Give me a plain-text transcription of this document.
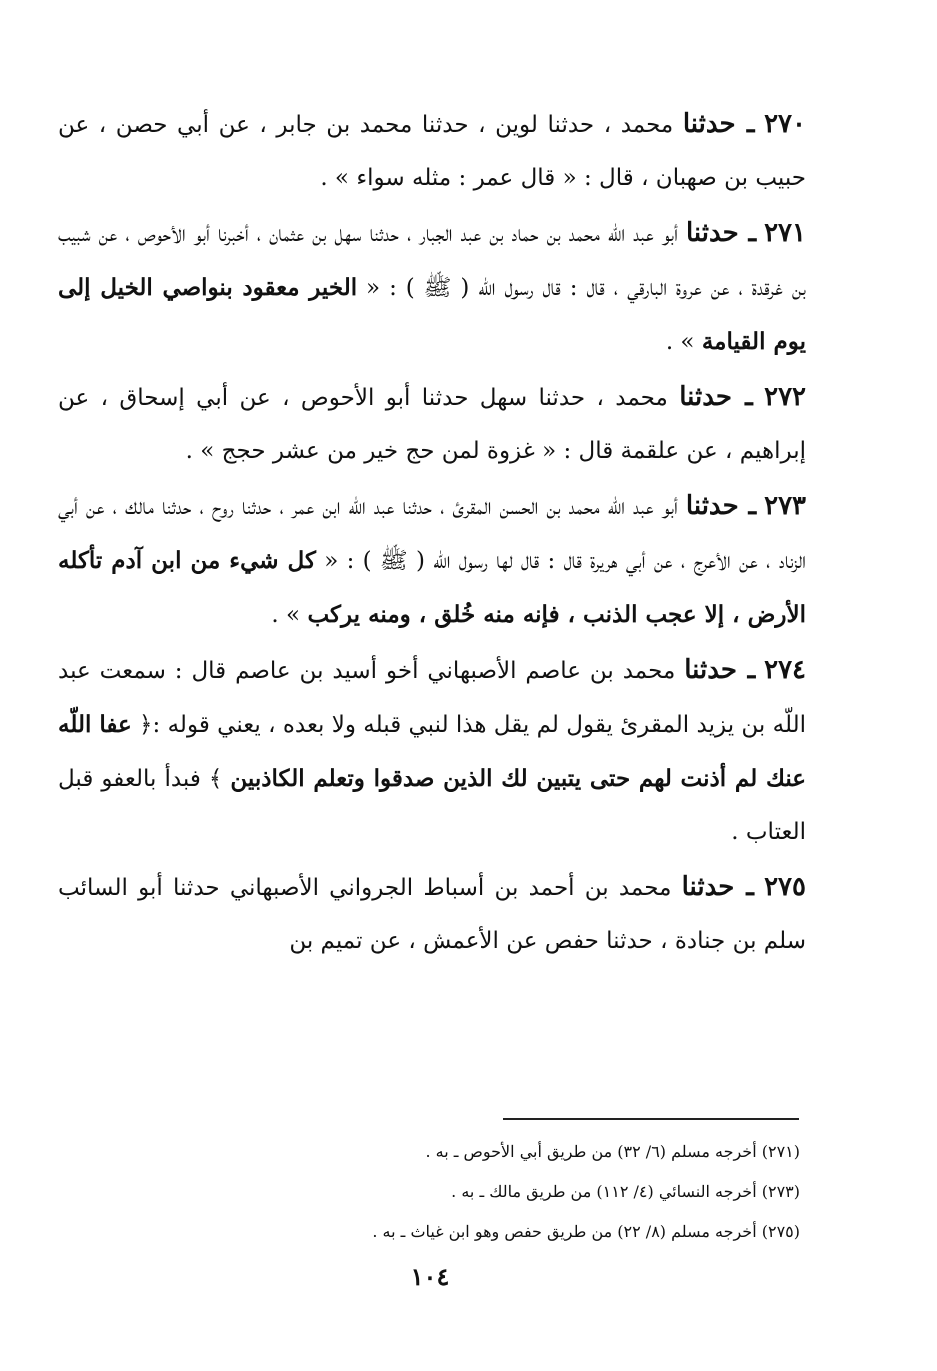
٢٧٠ ـ حدثنا محمد ، حدثنا لوين ، حدثنا محمد بن جابر ، عن أبي حصن ، عن حبيب بن صهبان ، قال : « قال عمر : مثله سواء » .

٢٧١ ـ حدثنا أبو عبد اللّه محمد بن حماد بن عبد الجبار ، حدثنا سهل بن عثمان ، أخبرنا أبو الأحوص ، عن شبيب بن غرقدة ، عن عروة البارقي ، قال : قال رسول اللّه ( ﷺ ) : « الخير معقود بنواصي الخيل إلى يوم القيامة » .

٢٧٢ ـ حدثنا محمد ، حدثنا سهل حدثنا أبو الأحوص ، عن أبي إسحاق ، عن إبراهيم ، عن علقمة قال : « غزوة لمن حج خير من عشر حجج » .

٢٧٣ ـ حدثنا أبو عبد اللّه محمد بن الحسن المقرئ ، حدثنا عبد اللّه ابن عمر ، حدثنا روح ، حدثنا مالك ، عن أبي الزناد ، عن الأعرج ، عن أبي هريرة قال : قال لها رسول اللّه ( ﷺ ) : « كل شيء من ابن آدم تأكله الأرض ، إلا عجب الذنب ، فإنه منه خُلق ، ومنه يركب » .

٢٧٤ ـ حدثنا محمد بن عاصم الأصبهاني أخو أسيد بن عاصم قال : سمعت عبد اللّه بن يزيد المقرئ يقول لم يقل هذا لنبي قبله ولا بعده ، يعني قوله :﴿ عفا اللّه عنك لم أذنت لهم حتى يتبين لك الذين صدقوا وتعلم الكاذبين ﴾ فبدأ بالعفو قبل العتاب .

٢٧٥ ـ حدثنا محمد بن أحمد بن أسباط الجرواني الأصبهاني حدثنا أبو السائب سلم بن جنادة ، حدثنا حفص عن الأعمش ، عن تميم بن

(٢٧١) أخرجه مسلم (٦/ ٣٢) من طريق أبي الأحوص ـ به .

(٢٧٣) أخرجه النسائي (٤/ ١١٢) من طريق مالك ـ به .

(٢٧٥) أخرجه مسلم (٨/ ٢٢) من طريق حفص وهو ابن غياث ـ به .

١٠٤
